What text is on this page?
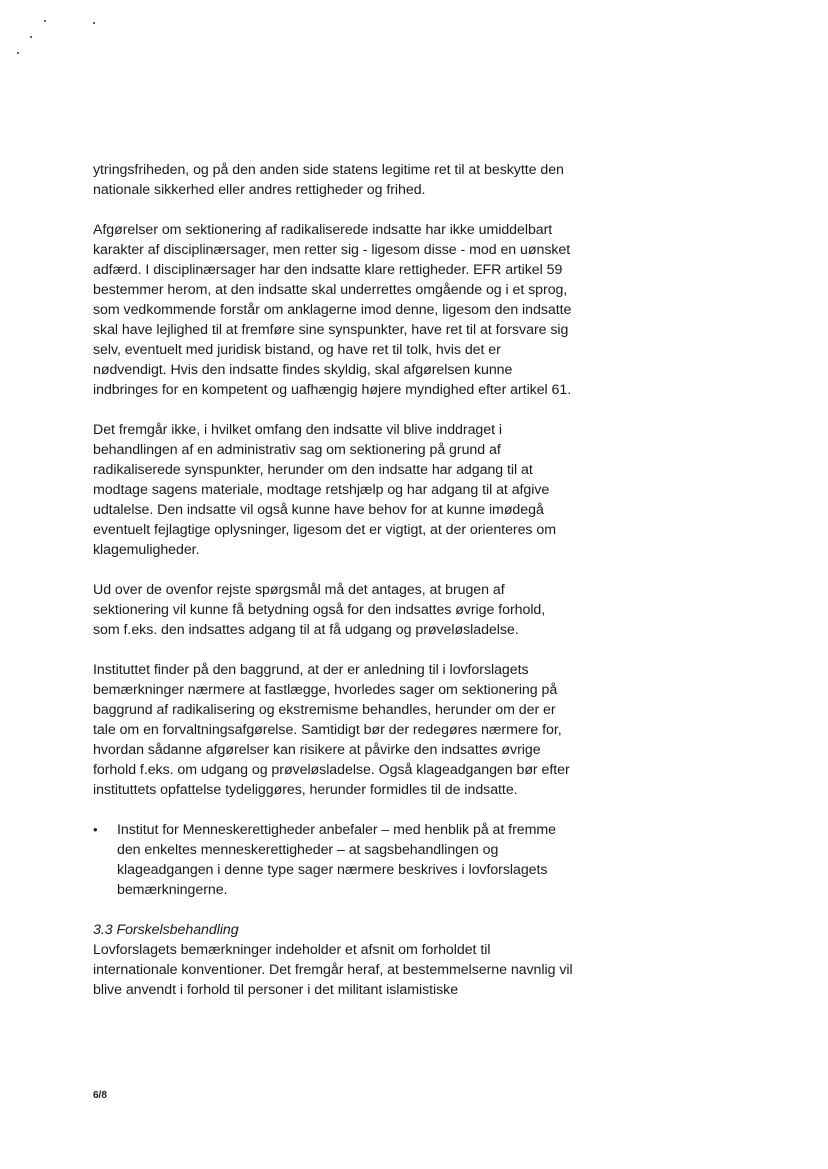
ytringsfriheden, og på den anden side statens legitime ret til at beskytte den nationale sikkerhed eller andres rettigheder og frihed.

Afgørelser om sektionering af radikaliserede indsatte har ikke umiddelbart karakter af disciplinærsager, men retter sig - ligesom disse - mod en uønsket adfærd. I disciplinærsager har den indsatte klare rettigheder. EFR artikel 59 bestemmer herom, at den indsatte skal underrettes omgående og i et sprog, som vedkommende forstår om anklagerne imod denne, ligesom den indsatte skal have lejlighed til at fremføre sine synspunkter, have ret til at forsvare sig selv, eventuelt med juridisk bistand, og have ret til tolk, hvis det er nødvendigt. Hvis den indsatte findes skyldig, skal afgørelsen kunne indbringes for en kompetent og uafhængig højere myndighed efter artikel 61.

Det fremgår ikke, i hvilket omfang den indsatte vil blive inddraget i behandlingen af en administrativ sag om sektionering på grund af radikaliserede synspunkter, herunder om den indsatte har adgang til at modtage sagens materiale, modtage retshjælp og har adgang til at afgive udtalelse. Den indsatte vil også kunne have behov for at kunne imødegå eventuelt fejlagtige oplysninger, ligesom det er vigtigt, at der orienteres om klagemuligheder.

Ud over de ovenfor rejste spørgsmål må det antages, at brugen af sektionering vil kunne få betydning også for den indsattes øvrige forhold, som f.eks. den indsattes adgang til at få udgang og prøveløsladelse.

Instituttet finder på den baggrund, at der er anledning til i lovforslagets bemærkninger nærmere at fastlægge, hvorledes sager om sektionering på baggrund af radikalisering og ekstremisme behandles, herunder om der er tale om en forvaltningsafgørelse. Samtidigt bør der redegøres nærmere for, hvordan sådanne afgørelser kan risikere at påvirke den indsattes øvrige forhold f.eks. om udgang og prøveløsladelse. Også klageadgangen bør efter instituttets opfattelse tydeliggøres, herunder formidles til de indsatte.

•	Institut for Menneskerettigheder anbefaler – med henblik på at fremme den enkeltes menneskerettigheder – at sagsbehandlingen og klageadgangen i denne type sager nærmere beskrives i lovforslagets bemærkningerne.

3.3 Forskelsbehandling

Lovforslagets bemærkninger indeholder et afsnit om forholdet til internationale konventioner. Det fremgår heraf, at bestemmelserne navnlig vil blive anvendt i forhold til personer i det militant islamistiske

6/8
